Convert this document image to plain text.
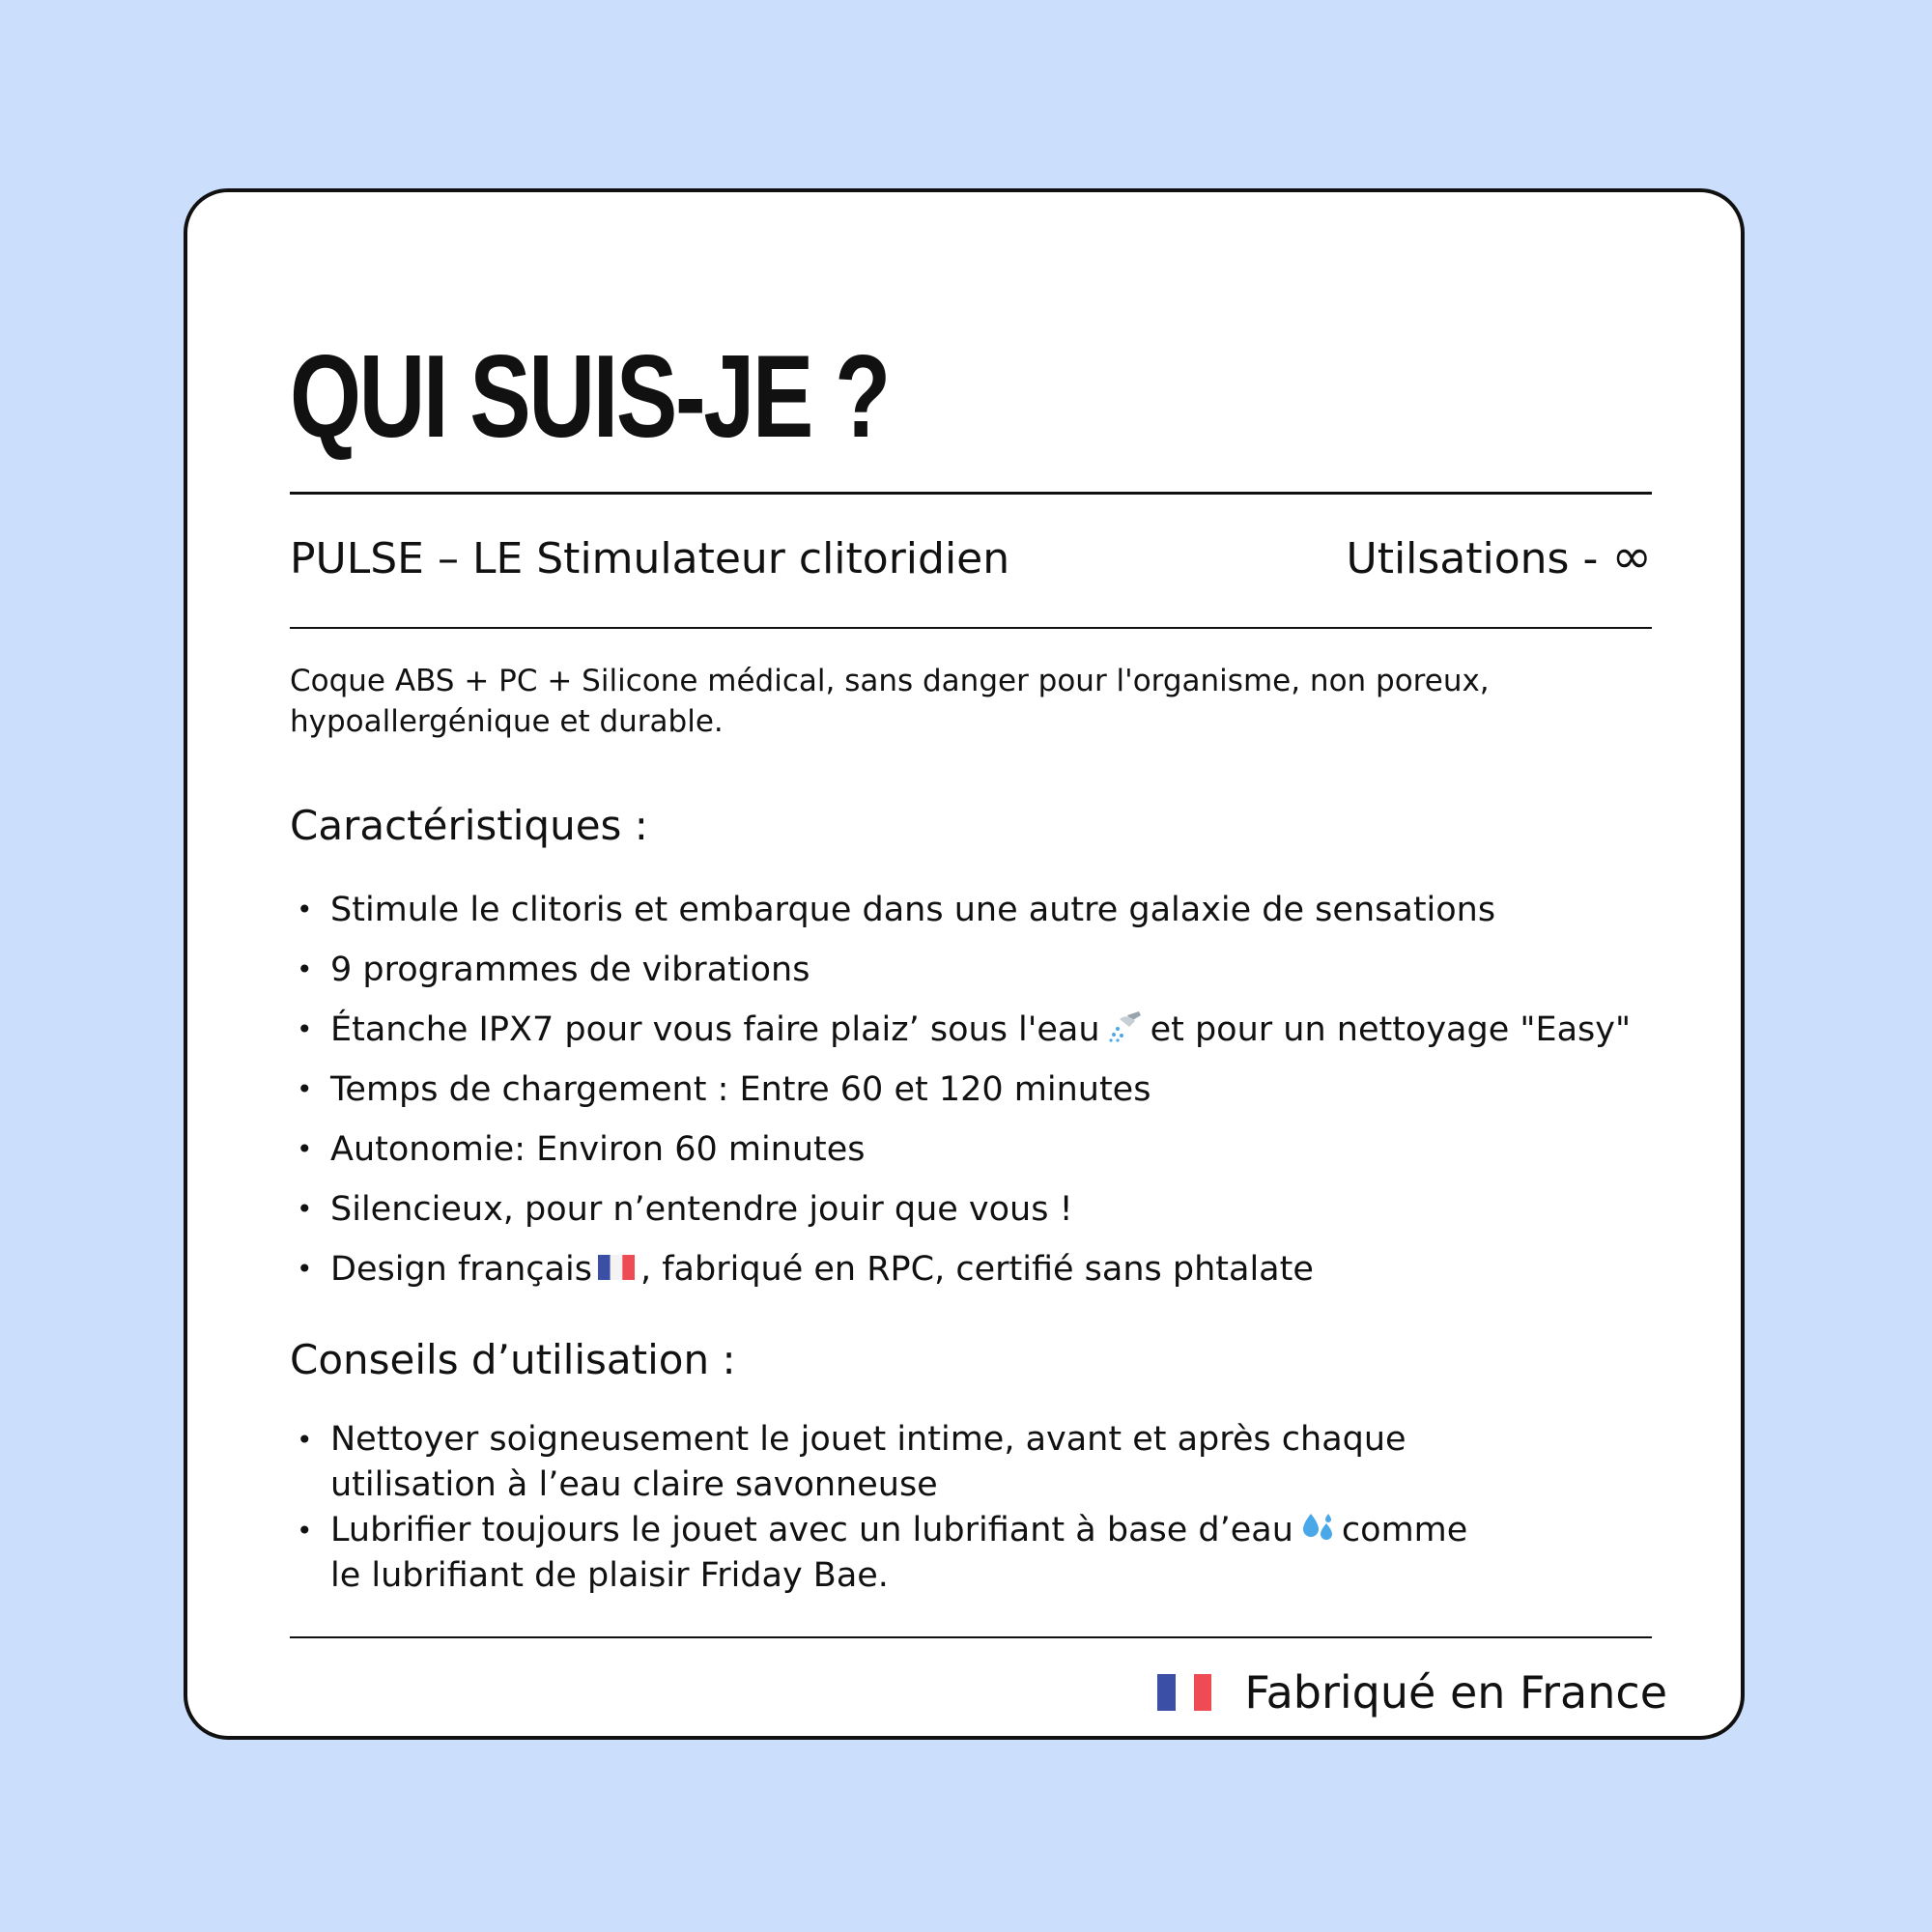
QUI SUIS-JE ?
PULSE – LE Stimulateur clitoridien	Utilsations - ∞

Coque ABS + PC + Silicone médical, sans danger pour l'organisme, non poreux, hypoallergénique et durable.

Caractéristiques :
• Stimule le clitoris et embarque dans une autre galaxie de sensations
• 9 programmes de vibrations
• Étanche IPX7 pour vous faire plaiz’ sous l'eau et pour un nettoyage "Easy"
• Temps de chargement : Entre 60 et 120 minutes
• Autonomie: Environ 60 minutes
• Silencieux, pour n’entendre jouir que vous !
• Design français , fabriqué en RPC, certifié sans phtalate
Conseils d’utilisation :
• Nettoyer soigneusement le jouet intime, avant et après chaque
utilisation à l’eau claire savonneuse
• Lubrifier toujours le jouet avec un lubrifiant à base d’eau comme
le lubrifiant de plaisir Friday Bae.
Fabriqué en France
